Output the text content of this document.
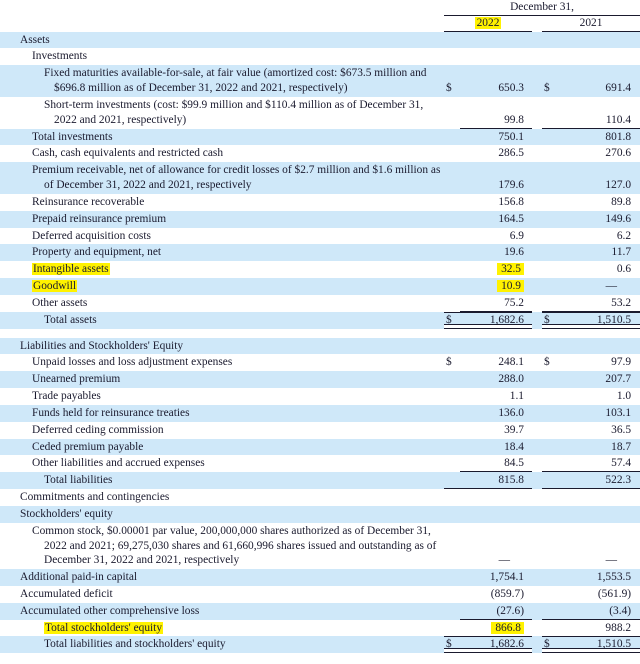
	December 31,				
	2022			2021	
Assets					
Investments					

Fixed maturities available-for-sale, at fair value (amortized cost: $673.5 million and $696.8 million as of December 31, 2022 and 2021, respectively)	$	650.3		$	691.4

Short-term investments (cost: $99.9 million and $110.4 million as of December 31, 2022 and 2021, respectively)		99.8			110.4
Total investments		750.1			801.8
Cash, cash equivalents and restricted cash		286.5			270.6

Premium receivable, net of allowance for credit losses of $2.7 million and $1.6 million as of December 31, 2022 and 2021, respectively		179.6			127.0
Reinsurance recoverable		156.8			89.8
Prepaid reinsurance premium		164.5			149.6
Deferred acquisition costs		6.9			6.2
Property and equipment, net		19.6			11.7
Intangible assets		32.5			0.6
Goodwill		10.9			—
Other assets		75.2			53.2
Total assets	$	1,682.6		$	1,510.5

Liabilities and Stockholders' Equity					
Unpaid losses and loss adjustment expenses	$	248.1		$	97.9
Unearned premium		288.0			207.7
Trade payables		1.1			1.0
Funds held for reinsurance treaties		136.0			103.1
Deferred ceding commission		39.7			36.5
Ceded premium payable		18.4			18.7
Other liabilities and accrued expenses		84.5			57.4
Total liabilities		815.8			522.3
Commitments and contingencies					
Stockholders' equity					

Common stock, $0.00001 par value, 200,000,000 shares authorized as of December 31, 2022 and 2021; 69,275,030 shares and 61,660,996 shares issued and outstanding as of December 31, 2022 and 2021, respectively		—			—
Additional paid-in capital		1,754.1			1,553.5
Accumulated deficit		(859.7)			(561.9)
Accumulated other comprehensive loss		(27.6)			(3.4)
Total stockholders' equity		866.8			988.2
Total liabilities and stockholders' equity	$	1,682.6		$	1,510.5
